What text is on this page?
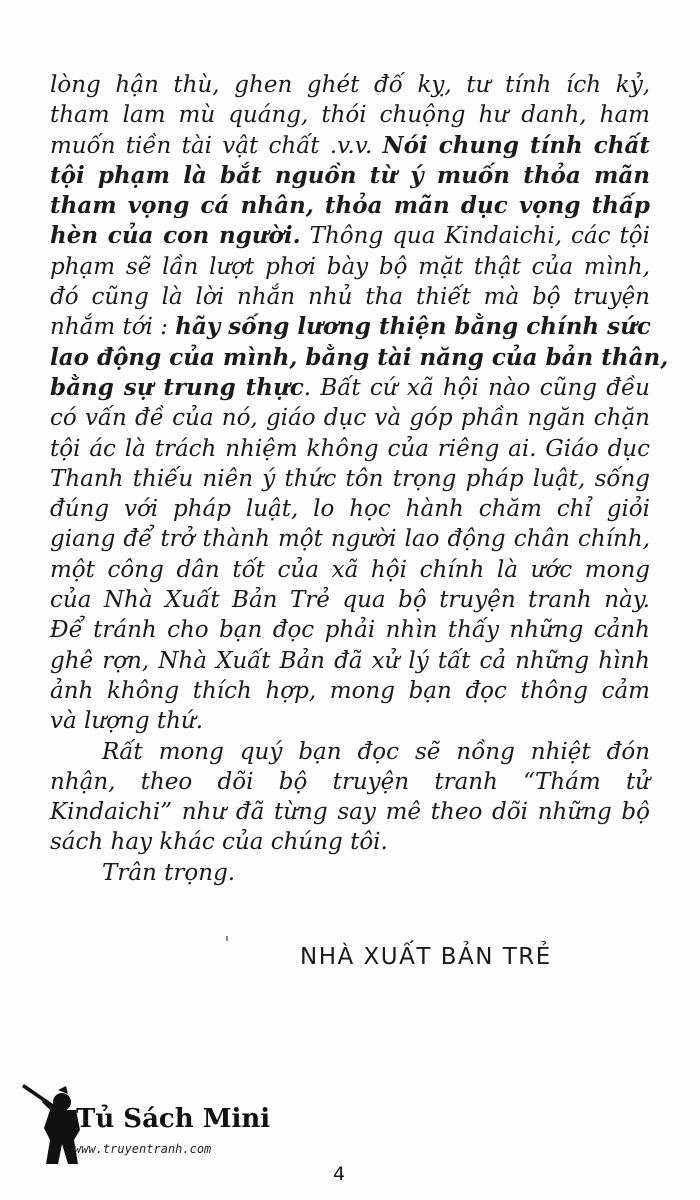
lòng hận thù, ghen ghét đố kỵ, tư tính ích kỷ,
tham lam mù quáng, thói chuộng hư danh, ham
muốn tiền tài vật chất .v.v. Nói chung tính chất
tội phạm là bắt nguồn từ ý muốn thỏa mãn
tham vọng cá nhân, thỏa mãn dục vọng thấp
hèn của con người. Thông qua Kindaichi, các tội
phạm sẽ lần lượt phơi bày bộ mặt thật của mình,
đó cũng là lời nhắn nhủ tha thiết mà bộ truyện
nhắm tới : hãy sống lương thiện bằng chính sức
lao động của mình, bằng tài năng của bản thân,
bằng sự trung thực. Bất cứ xã hội nào cũng đều
có vấn đề của nó, giáo dục và góp phần ngăn chặn
tội ác là trách nhiệm không của riêng ai. Giáo dục
Thanh thiếu niên ý thức tôn trọng pháp luật, sống
đúng với pháp luật, lo học hành chăm chỉ giỏi
giang để trở thành một người lao động chân chính,
một công dân tốt của xã hội chính là ước mong
của Nhà Xuất Bản Trẻ qua bộ truyện tranh này.
Để tránh cho bạn đọc phải nhìn thấy những cảnh
ghê rợn, Nhà Xuất Bản đã xử lý tất cả những hình
ảnh không thích hợp, mong bạn đọc thông cảm
và lượng thứ.
Rất mong quý bạn đọc sẽ nồng nhiệt đón
nhận, theo dõi bộ truyện tranh “Thám tử
Kindaichi” như đã từng say mê theo dõi những bộ
sách hay khác của chúng tôi.
Trân trọng.
NHÀ XUẤT BẢN TRẺ
Tủ Sách Mini
www.truyentranh.com
4
